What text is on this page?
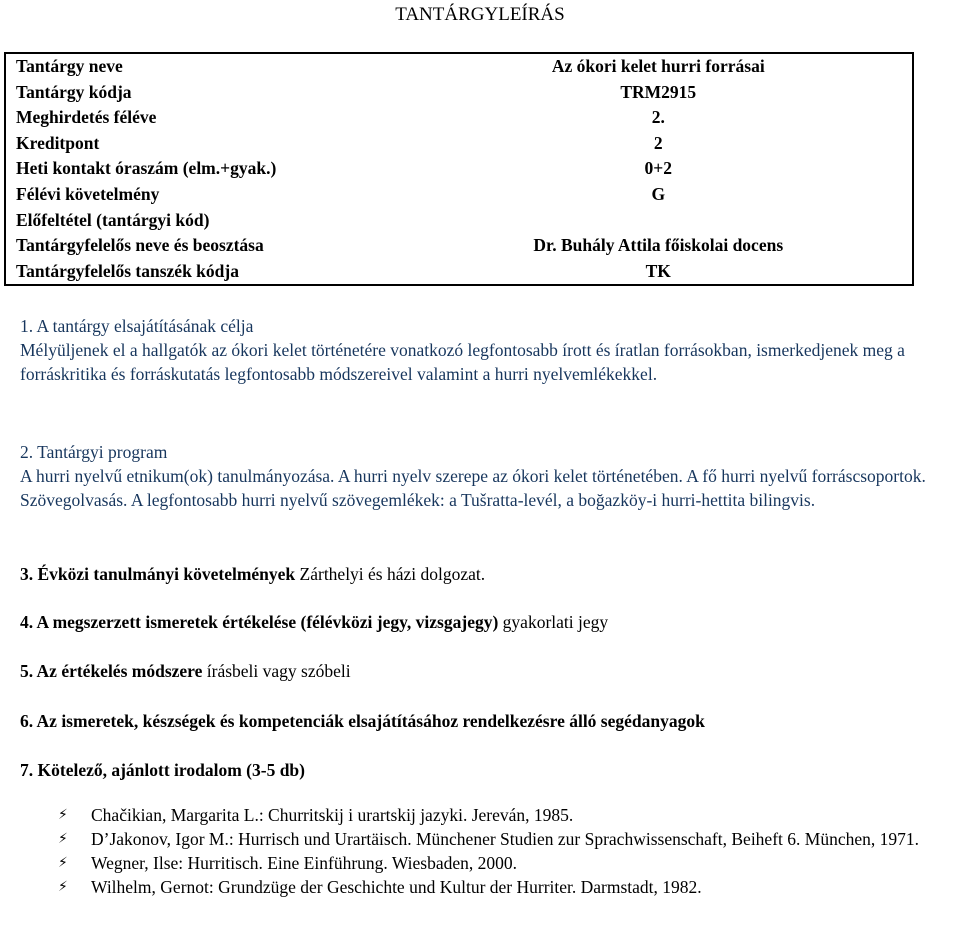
TANTÁRGYLEÍRÁS
Tantárgy neve	Az ókori kelet hurri forrásai
Tantárgy kódja	TRM2915
Meghirdetés féléve	2.
Kreditpont	2
Heti kontakt óraszám (elm.+gyak.)	0+2
Félévi követelmény	G
Előfeltétel (tantárgyi kód)	
Tantárgyfelelős neve és beosztása	Dr. Buhály Attila főiskolai docens
Tantárgyfelelős tanszék kódja	TK

1. A tantárgy elsajátításának célja

Mélyüljenek el a hallgatók az ókori kelet történetére vonatkozó legfontosabb írott és íratlan forrásokban, ismerkedjenek meg a forráskritika és forráskutatás legfontosabb módszereivel valamint a hurri nyelvemlékekkel.

2. Tantárgyi program

A hurri nyelvű etnikum(ok) tanulmányozása. A hurri nyelv szerepe az ókori kelet történetében. A fő hurri nyelvű forráscsoportok. Szövegolvasás. A legfontosabb hurri nyelvű szövegemlékek: a Tušratta-levél, a boğazköy-i hurri-hettita bilingvis.

3. Évközi tanulmányi követelmények Zárthelyi és házi dolgozat.

4. A megszerzett ismeretek értékelése (félévközi jegy, vizsgajegy) gyakorlati jegy

5. Az értékelés módszere írásbeli vagy szóbeli

6. Az ismeretek, készségek és kompetenciák elsajátításához rendelkezésre álló segédanyagok

7. Kötelező, ajánlott irodalom (3-5 db)

⚡ Chačikian, Margarita L.: Churritskij i urartskij jazyki. Jereván, 1985.
⚡ D’Jakonov, Igor M.: Hurrisch und Urartäisch. Münchener Studien zur Sprachwissenschaft, Beiheft 6. München, 1971.
⚡ Wegner, Ilse: Hurritisch. Eine Einführung. Wiesbaden, 2000.
⚡ Wilhelm, Gernot: Grundzüge der Geschichte und Kultur der Hurriter. Darmstadt, 1982.
